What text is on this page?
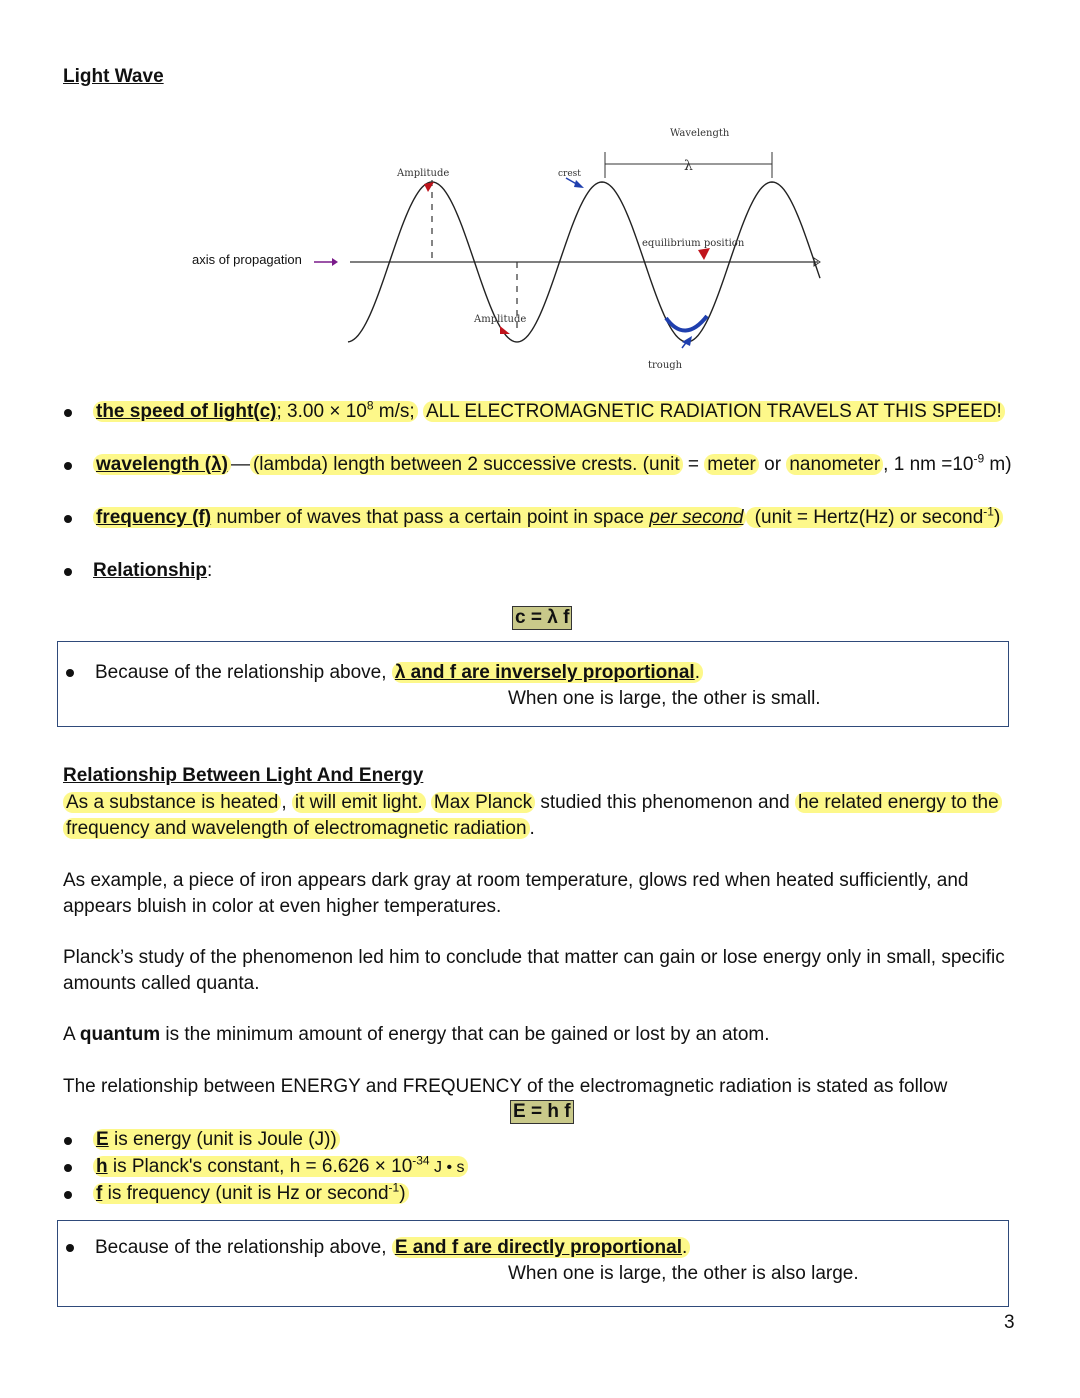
Light Wave
axis of propagation
Amplitude
Amplitude
crest
Wavelength
λ
equilibrium position
trough
the speed of light(c); $3.00 \times 10^8$ m/s; ALL ELECTROMAGNETIC RADIATION TRAVELS AT THIS SPEED!
wavelength (λ) — (lambda) length between 2 successive crests. (unit = meter or nanometer , 1 nm $=10^{-9}$ m)
frequency (f) number of waves that pass a certain point in space per second (unit = Hertz(Hz) or second$^{-1}$)
Relationship:
c = λ f
Because of the relationship above, λ and f are inversely proportional.
When one is large, the other is small.
Relationship Between Light And Energy
As a substance is heated , it will emit light. Max Planck studied this phenomenon and he related energy to the
frequency and wavelength of electromagnetic radiation .
As example, a piece of iron appears dark gray at room temperature, glows red when heated sufficiently, and appears bluish in color at even higher temperatures.
Planck’s study of the phenomenon led him to conclude that matter can gain or lose energy only in small, specific amounts called quanta.
A quantum is the minimum amount of energy that can be gained or lost by an atom.
The relationship between ENERGY and FREQUENCY of the electromagnetic radiation is stated as follow
E = h f
E is energy (unit is Joule (J))
h is Planck's constant, $h = 6.626 \times 10^{-34}$ J • s
f is frequency (unit is Hz or second$^{-1}$)
Because of the relationship above, E and f are directly proportional.
When one is large, the other is also large.
3
